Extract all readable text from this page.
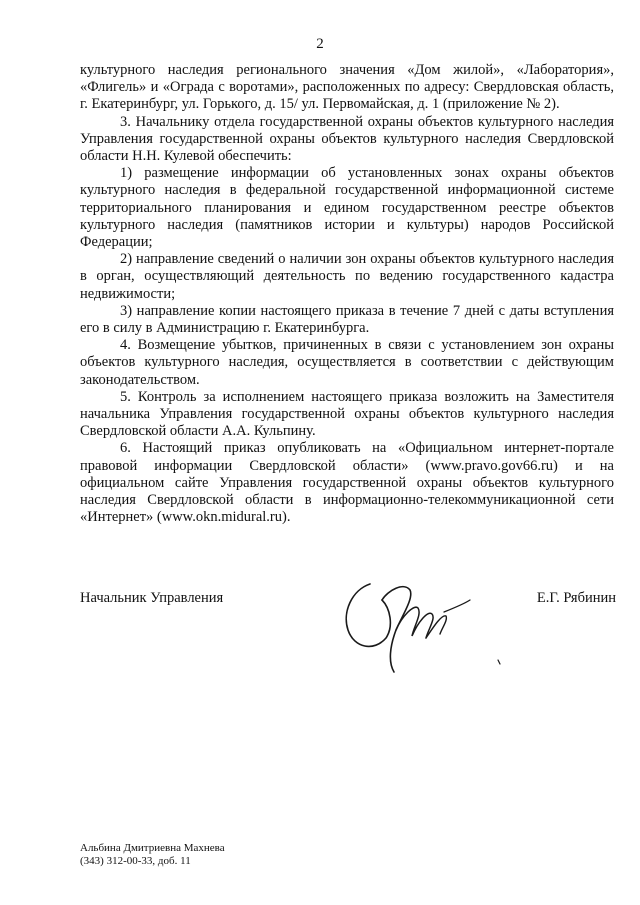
2

культурного наследия регионального значения «Дом жилой», «Лаборатория», «Флигель» и «Ограда с воротами», расположенных по адресу: Свердловская область, г. Екатеринбург, ул. Горького, д. 15/ ул. Первомайская, д. 1 (приложение № 2).

3. Начальнику отдела государственной охраны объектов культурного наследия Управления государственной охраны объектов культурного наследия Свердловской области Н.Н. Кулевой обеспечить:

1) размещение информации об установленных зонах охраны объектов культурного наследия в федеральной государственной информационной системе территориального планирования и едином государственном реестре объектов культурного наследия (памятников истории и культуры) народов Российской Федерации;

2) направление сведений о наличии зон охраны объектов культурного наследия в орган, осуществляющий деятельность по ведению государственного кадастра недвижимости;

3) направление копии настоящего приказа в течение 7 дней с даты вступления его в силу в Администрацию г. Екатеринбурга.

4. Возмещение убытков, причиненных в связи с установлением зон охраны объектов культурного наследия, осуществляется в соответствии с действующим законодательством.

5. Контроль за исполнением настоящего приказа возложить на Заместителя начальника Управления государственной охраны объектов культурного наследия Свердловской области А.А. Кульпину.

6. Настоящий приказ опубликовать на «Официальном интернет-портале правовой информации Свердловской области» (www.pravo.gov66.ru) и на официальном сайте Управления государственной охраны объектов культурного наследия Свердловской области в информационно-телекоммуникационной сети «Интернет» (www.okn.midural.ru).

Начальник Управления	Е.Г. Рябинин
Альбина Дмитриевна Махнева
(343) 312-00-33, доб. 11
